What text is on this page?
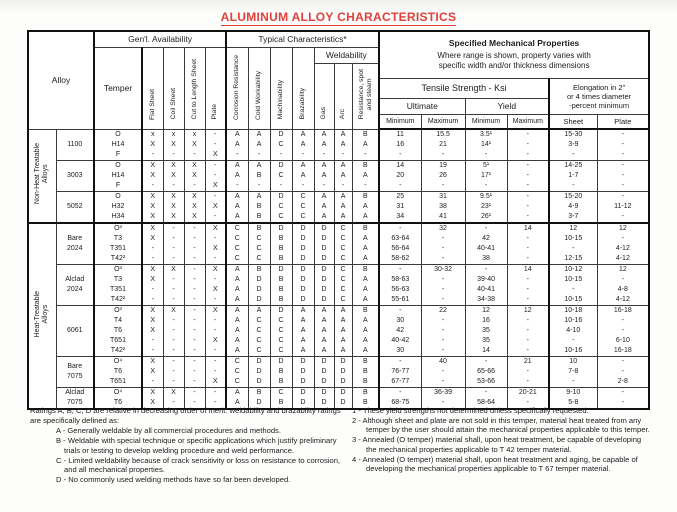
ALUMINUM ALLOY CHARACTERISTICS
Alloy		Gen'l. Availability					Typical Characteristics*							Specified Mechanical Properties
Where range is shown, property varies with
specific width and/or thickness dimensions					

		Temper	Flat Sheet	Coil Sheet	Cut to Length Sheet	Plate	Corrosion Resistance	Cold Workability	Machinability	Brazability	Weldability								
											Gas	Arc	Resistance, spot
and steam						
														Tensile Strength - Ksi				Elongation in 2"
or 4 times diameter
-percent minimum	
														Ultimate		Yield			
														Minimum	Maximum	Minimum	Maximum	Sheet	Plate
Non-Heat Treatable
Alloys	1100	O	x	x	x	-	A	A	D	A	A	A	B	11	15.5	3.5¹	-	15-30	-
		H14	X	X	X	-	A	A	C	A	A	A	A	16	21	14¹	-	3-9	-
		F	-	-	-	X	-	-	-	-	-	-	-	-	-	-	-	-	-
	3003	O	X	X	X	-	A	A	D	A	A	A	B	14	19	5¹	-	14-25	-
		H14	X	X	X	-	A	B	C	A	A	A	A	20	26	17¹	-	1-7	-
		F	-	-	-	X	-	-	-	-	-	-	-	-	-	-	-	-	-
	5052	O	X	X	X	-	A	A	D	C	A	A	B	25	31	9.5¹	-	15-20	-
		H32	X	X	X	X	A	B	C	C	A	A	A	31	38	23¹	-	4-9	11-12
		H34	X	X	X	-	A	B	C	C	A	A	A	34	41	26¹	-	3-7	-
Heat-Treatable
Alloys	Bare
2024	O³	X	-	-	X	C	B	D	D	D	C	B	-	32	-	14	12	12
		T3	X	-	-	-	C	C	B	D	D	C	A	63-64	-	42	-	10-15	-
		T351	-	-	-	X	C	C	B	D	D	C	A	56-64	-	40-41	-	-	4-12
		T42²	-	-	-	-	C	C	B	D	D	C	A	58-62	-	38	-	12-15	4-12
	Alclad
2024	O³	X	X	-	X	A	B	D	D	D	C	B	-	30-32	-	14	10-12	12
		T3	X	-	-	-	A	D	B	D	D	C	A	58-63	-	39-40	-	10-15	-
		T351	-	-	-	X	A	D	B	D	D	C	A	56-63	-	40-41	-	-	4-8
		T42²	-	-	-	-	A	D	B	D	D	C	A	55-61	-	34-38	-	10-15	4-12
	6061	O³	X	X	-	X	A	A	D	A	A	A	B	-	22	12	12	10-18	16-18
		T4	X	-	-	-	A	C	C	A	A	A	A	30	-	16	-	10-16	-
		T6	X	-	-	-	A	C	C	A	A	A	A	42	-	35	-	4-10	-
		T651	-	-	-	X	A	C	C	A	A	A	A	40-42	-	35	-	-	6-10
		T42²	-	-	-	-	A	C	C	A	A	A	A	30	-	14	-	10-16	16-18
	Bare
7075	O⁴	X	-	-	-	C	D	D	D	D	D	B	-	40	-	21	10	-
		T6	X	-	-	-	C	D	B	D	D	D	B	76-77	-	65-66	-	7-8	-
		T651	-	-	-	X	C	D	B	D	D	D	B	67-77	-	53-66	-	-	2-8
	Alclad
7075	O⁴	X	X	-	-	A	B	C	D	D	D	B	-	36-39	-	20-21	9-10	-
		T6	X	-	-	-	A	D	B	D	D	D	B	68-75	-	58-64	-	5-8	-
Ratings A, B, C, D are relative in decreasing order of merit. weldability and brazability ratings are specifically defined as:
A - Generally weldable by all commercial procedures and methods.
B - Weldable with special technique or specific applications which justify preliminary trials or testing to develop welding procedure and weld performance.
C - Limited weldability because of crack sensitivity or loss on resistance to corrosion, and all mechanical properties.
D - No commonly used welding methods have so far been developed.
1 - These yield strengths not determined unless specifically requested.
2 - Although sheet and plate are not sold in this temper, material heat treated from any temper by the user should attain the mechanical properties applicable to this temper.
3 - Annealed (O temper) material shall, upon heat treatment, be capable of developing the mechanical properties applicable to T 42 temper material.
4 - Annealed (O temper) material shall, upon heat treatment and aging, be capable of developing the mechanical properties applicable to T 67 temper material.
